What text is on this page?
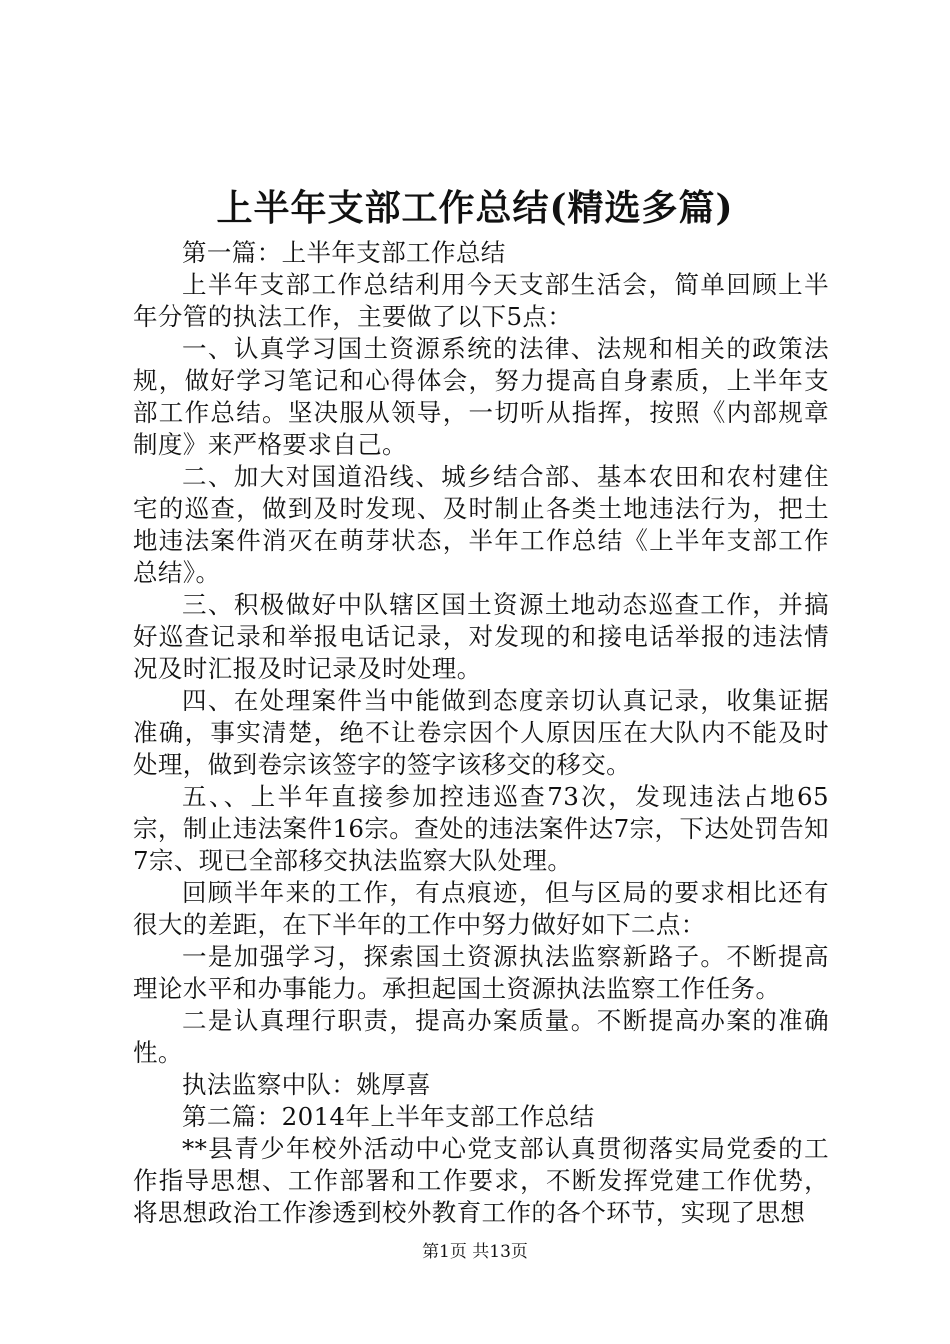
上半年支部工作总结(精选多篇)

第一篇：上半年支部工作总结

上半年支部工作总结利用今天支部生活会，简单回顾上半年分管的执法工作，主要做了以下5点：

一、认真学习国土资源系统的法律、法规和相关的政策法规，做好学习笔记和心得体会，努力提高自身素质，上半年支部工作总结。坚决服从领导，一切听从指挥，按照《内部规章制度》来严格要求自己。

二、加大对国道沿线、城乡结合部、基本农田和农村建住宅的巡查，做到及时发现、及时制止各类土地违法行为，把土地违法案件消灭在萌芽状态，半年工作总结《上半年支部工作总结》。

三、积极做好中队辖区国土资源土地动态巡查工作，并搞好巡查记录和举报电话记录，对发现的和接电话举报的违法情况及时汇报及时记录及时处理。

四、在处理案件当中能做到态度亲切认真记录，收集证据准确，事实清楚，绝不让卷宗因个人原因压在大队内不能及时处理，做到卷宗该签字的签字该移交的移交。

五、、上半年直接参加控违巡查73次，发现违法占地65宗，制止违法案件16宗。查处的违法案件达7宗，下达处罚告知7宗、现已全部移交执法监察大队处理。

回顾半年来的工作，有点痕迹，但与区局的要求相比还有很大的差距，在下半年的工作中努力做好如下二点：

一是加强学习，探索国土资源执法监察新路子。不断提高理论水平和办事能力。承担起国土资源执法监察工作任务。

二是认真理行职责，提高办案质量。不断提高办案的准确性。

执法监察中队：姚厚喜

第二篇：2014年上半年支部工作总结

**县青少年校外活动中心党支部认真贯彻落实局党委的工作指导思想、工作部署和工作要求，不断发挥党建工作优势，将思想政治工作渗透到校外教育工作的各个环节，实现了思想

第1页 共13页
